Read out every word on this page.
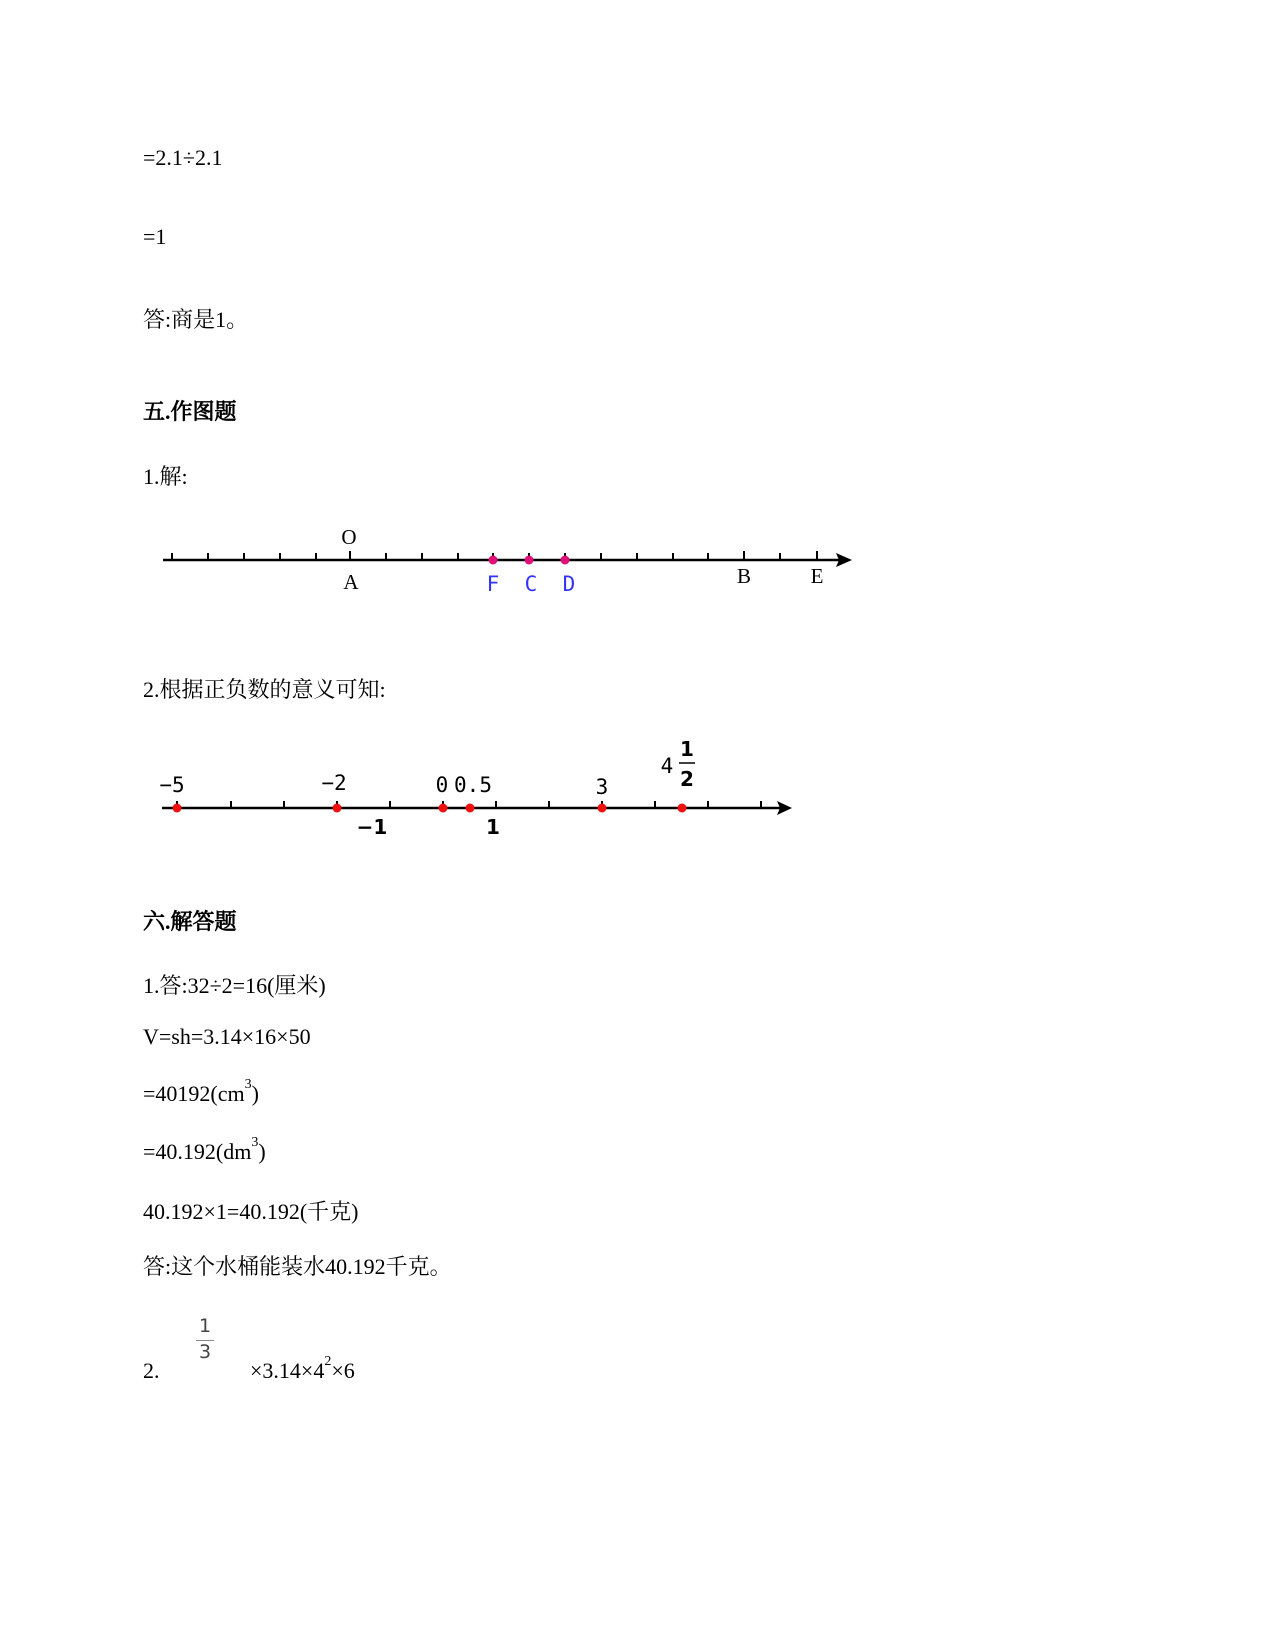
=2.1÷2.1
=1
答:商是1。
五.作图题
1.解:
O
A	F C D	B	E
2.根据正负数的意义可知:
−5	−2	0 0.5	3
4
1
2
−1	1
六.解答题
1.答:32÷2=16(厘米)
V=sh=3.14×16×50
$=40192(cm^3)$
$=40.192(dm^3)$
40.192×1=40.192(千克)
答:这个水桶能装水40.192千克。
2.
1
3
$\times 3.14\times 4^2\times 6$
